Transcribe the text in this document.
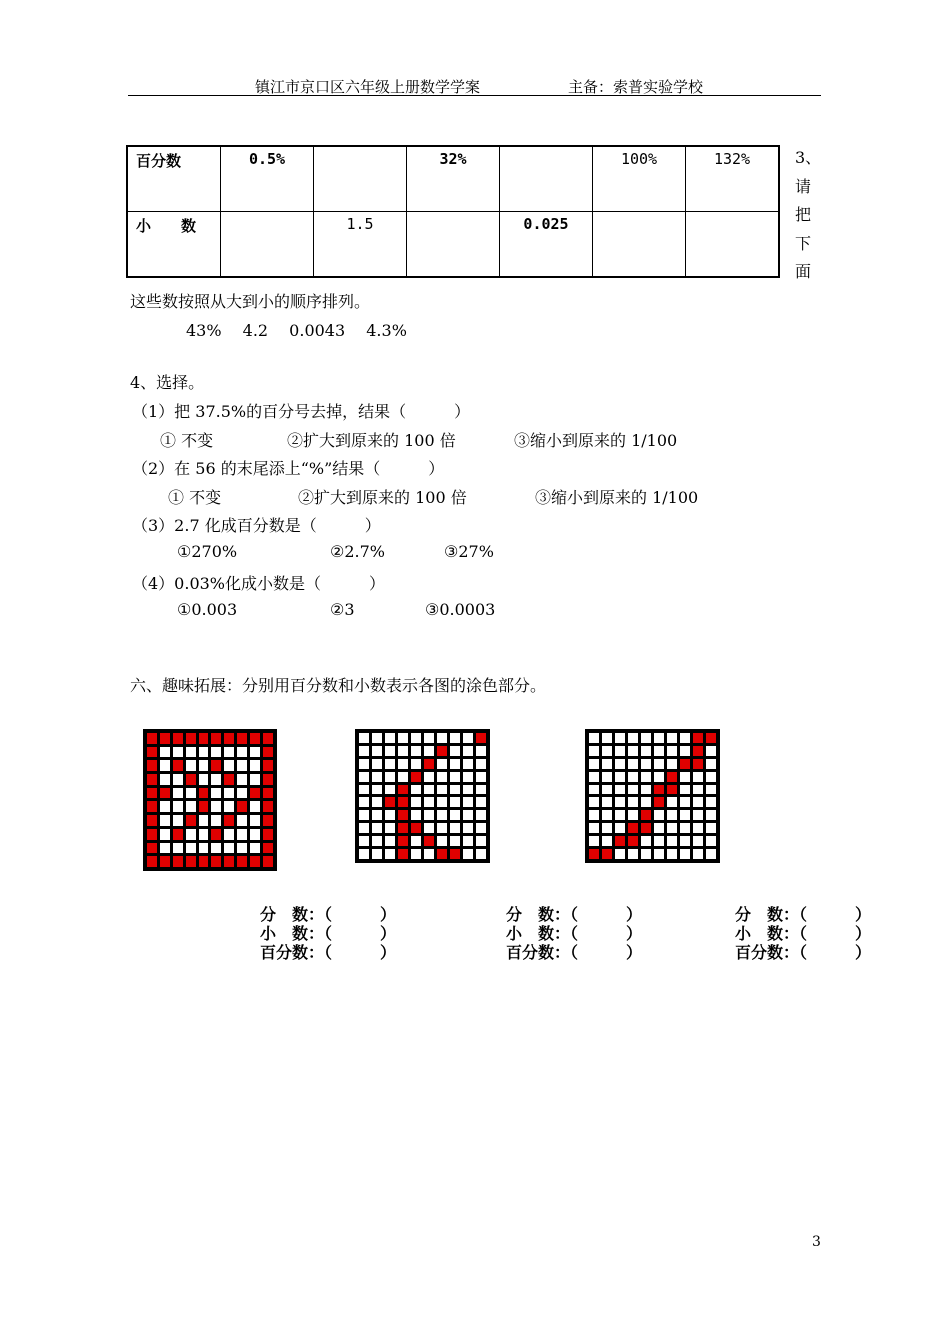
镇江市京口区六年级上册数学学案	主备：索普实验学校
百分数	0.5%		32%		100%	132%
小　　数		1.5		0.025		
3、
请
把
下
面
这些数按照从大到小的顺序排列。
43%　 4.2　 0.0043　 4.3%
4、选择。
（1）把 37.5%的百分号去掉，结果（　　　）
① 不变	②扩大到原来的 100 倍	③缩小到原来的 1/100
（2）在 56 的末尾添上“%”结果（　　　）
① 不变	②扩大到原来的 100 倍	③缩小到原来的 1/100
（3）2.7 化成百分数是（　　　）
①270%	②2.7%	③27%
（4）0.03%化成小数是（　　　）
①0.003	②3	③0.0003
六、趣味拓展：分别用百分数和小数表示各图的涂色部分。
分　数：（　　　）
小　数：（　　　）
百分数：（　　　）
分　数：（　　　）
小　数：（　　　）
百分数：（　　　）
分　数：（　　　）
小　数：（　　　）
百分数：（　　　）
3
